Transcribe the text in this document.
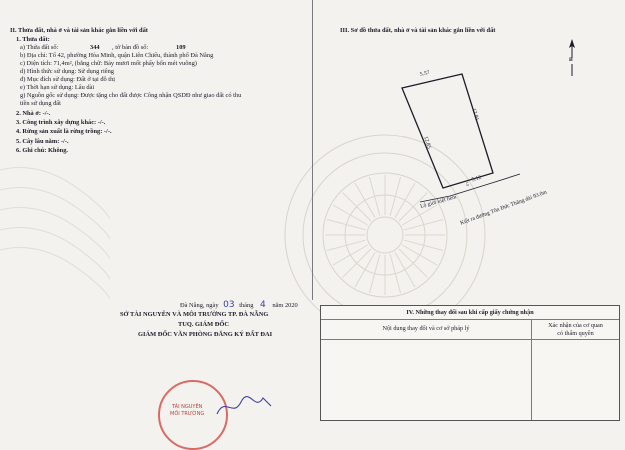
II. Thửa đất, nhà ở và tài sản khác gắn liền với đất
1. Thửa đất:
a) Thửa đất số:	344 , tờ bản đồ số:	109
b) Địa chỉ: Tổ 42, phường Hòa Minh, quận Liên Chiểu, thành phố Đà Nẵng
c) Diện tích: 71,4m², (bằng chữ: Bảy mươi mốt phẩy bốn mét vuông)
d) Hình thức sử dụng: Sử dụng riêng
đ) Mục đích sử dụng: Đất ở tại đô thị
e) Thời hạn sử dụng: Lâu dài
g) Nguồn gốc sử dụng: Được tặng cho đất được Công nhận QSDĐ như giao đất có thu
tiền sử dụng đất
2. Nhà ở: -/-.
3. Công trình xây dựng khác: -/-.
4. Rừng sản xuất là rừng trồng: -/-.
5. Cây lâu năm: -/-.
6. Ghi chú: Không.
III. Sơ đồ thửa đất, nhà ở và tài sản khác gắn liền với đất
B
5.57
12.91
12.85
5.12
Lộ giới kiệt hẻm
5
Kiệt ra đường Tôn Đức Thắng dài 93.0m
Đà Nẵng, ngày 03 tháng 4 năm 2020
SỞ TÀI NGUYÊN VÀ MÔI TRƯỜNG TP. ĐÀ NẴNG
TUQ. GIÁM ĐỐC
GIÁM ĐỐC VĂN PHÒNG ĐĂNG KÝ ĐẤT ĐAI
TÀI NGUYÊN
MÔI TRƯỜNG
IV. Những thay đổi sau khi cấp giấy chứng nhận
Nội dung thay đổi và cơ sở pháp lý	Xác nhận của cơ quan
có thẩm quyền
